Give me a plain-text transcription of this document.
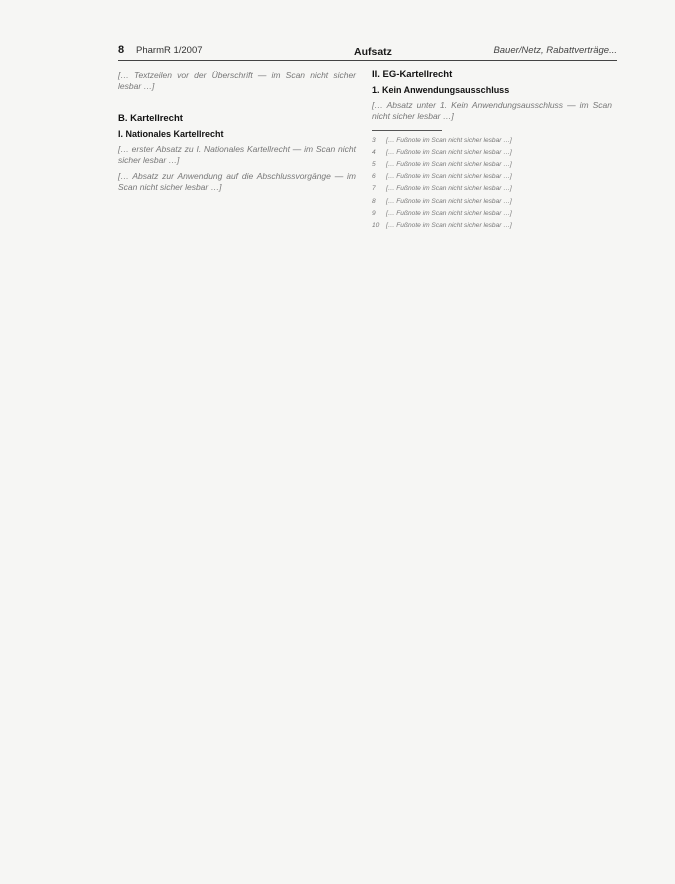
8 PharmR 1/2007	Aufsatz	Bauer/Netz, Rabattverträge...

[… Textzeilen vor der Überschrift — im Scan nicht sicher lesbar …]

B. Kartellrecht
I. Nationales Kartellrecht

[… erster Absatz zu I. Nationales Kartellrecht — im Scan nicht sicher lesbar …]

[… Absatz zur Anwendung auf die Abschlussvorgänge — im Scan nicht sicher lesbar …]

II. EG-Kartellrecht
1. Kein Anwendungsausschluss

[… Absatz unter 1. Kein Anwendungsausschluss — im Scan nicht sicher lesbar …]

3 [… Fußnote im Scan nicht sicher lesbar …]
4 [… Fußnote im Scan nicht sicher lesbar …]
5 [… Fußnote im Scan nicht sicher lesbar …]
6 [… Fußnote im Scan nicht sicher lesbar …]
7 [… Fußnote im Scan nicht sicher lesbar …]
8 [… Fußnote im Scan nicht sicher lesbar …]
9 [… Fußnote im Scan nicht sicher lesbar …]
10 [… Fußnote im Scan nicht sicher lesbar …]
